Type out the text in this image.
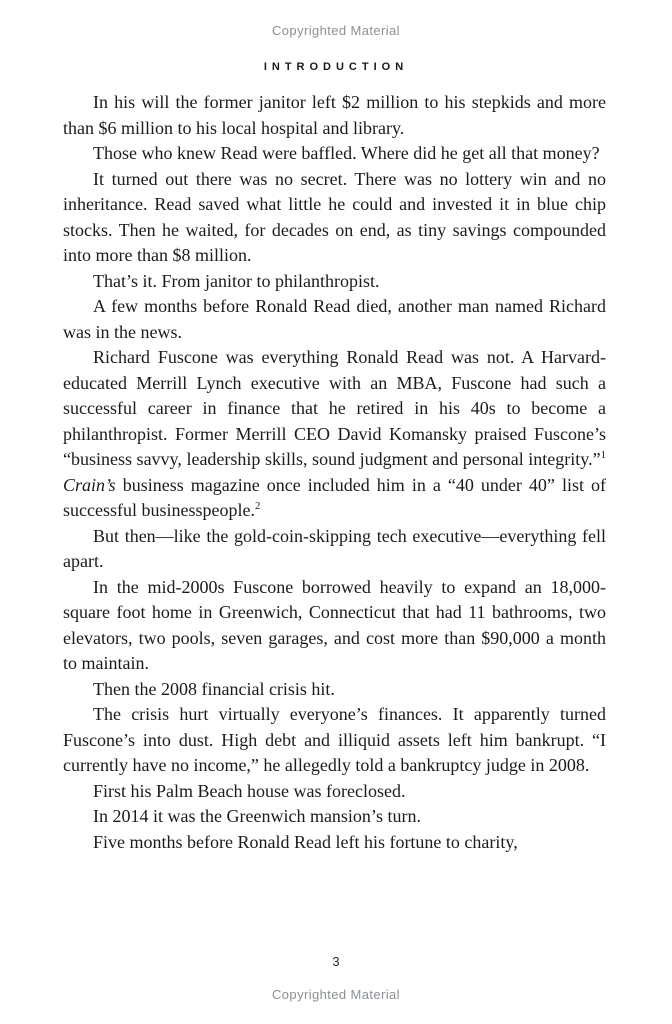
Copyrighted Material
INTRODUCTION

In his will the former janitor left $2 million to his stepkids and more than $6 million to his local hospital and library.

Those who knew Read were baffled. Where did he get all that money?

It turned out there was no secret. There was no lottery win and no inheritance. Read saved what little he could and invested it in blue chip stocks. Then he waited, for decades on end, as tiny savings compounded into more than $8 million.

That’s it. From janitor to philanthropist.

A few months before Ronald Read died, another man named Richard was in the news.

Richard Fuscone was everything Ronald Read was not. A Harvard-educated Merrill Lynch executive with an MBA, Fuscone had such a successful career in finance that he retired in his 40s to become a philanthropist. Former Merrill CEO David Komansky praised Fuscone’s “business savvy, leadership skills, sound judgment and personal integrity.”$^1$ Crain’s business magazine once included him in a “40 under 40” list of successful businesspeople.$^2$

But then—like the gold-coin-skipping tech executive—everything fell apart.

In the mid-2000s Fuscone borrowed heavily to expand an 18,000-square foot home in Greenwich, Connecticut that had 11 bathrooms, two elevators, two pools, seven garages, and cost more than $90,000 a month to maintain.

Then the 2008 financial crisis hit.

The crisis hurt virtually everyone’s finances. It apparently turned Fuscone’s into dust. High debt and illiquid assets left him bankrupt. “I currently have no income,” he allegedly told a bankruptcy judge in 2008.

First his Palm Beach house was foreclosed.

In 2014 it was the Greenwich mansion’s turn.

Five months before Ronald Read left his fortune to charity,

3
Copyrighted Material
